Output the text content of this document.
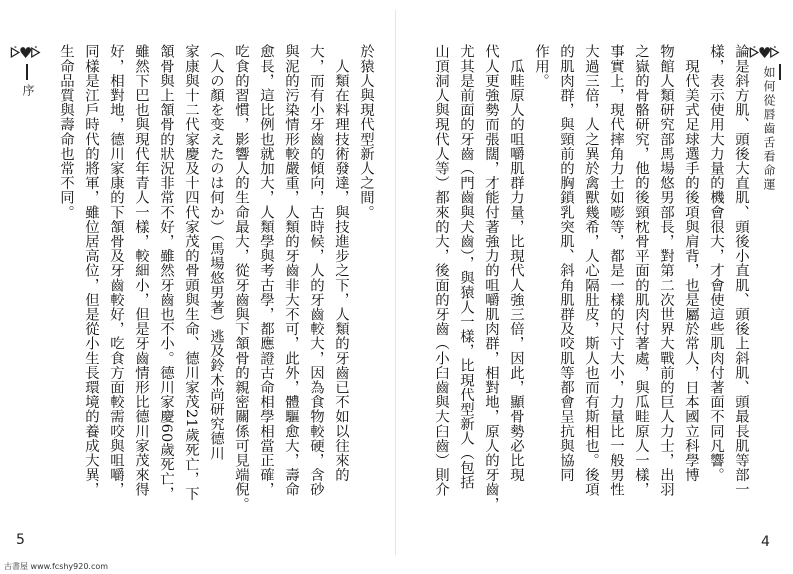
ᢰ♥ᢰ
序	於猿人與現代型新人之間。
　人類在料理技術發達，與技進步之下，人類的牙齒已不如以往來的
大，而有小牙齒的傾向，古時候，人的牙齒較大，因為食物較硬，含砂
與泥的污染情形較嚴重，人類的牙齒非大不可，此外，體驅愈大，壽命
愈長，這比例也就加大，人類學與考古學，都應證古命相學相當正確，
吃食的習慣，影響人的生命最大，從牙齒與下頷骨的親密關係可見端倪。
（人の顏を变えたのは何か）（馬場悠男著）逃及鈴木尚研究德川
家康與十二代家慶及十四代家茂的骨頭與生命、德川家茂21歲死亡，下
頷骨與上頷骨的狀況非常不好，雖然牙齒也不小。德川家慶60歲死亡，
雖然下巴也與現代年青人一樣，較細小，但是牙齒情形比德川家茂來得
好，相對地，德川家康的下頷骨及牙齒較好，吃食方面較需咬與咀嚼，
同樣是江戶時代的將軍，雖位居高位，但是從小生長環境的養成大異，
生命品質與壽命也常不同。
5
論是斜方肌、頭後大直肌、頭後小直肌、頭後上斜肌、頭最長肌等部一
樣，表示使用大力量的機會很大，才會使這些肌肉付著面不同凡響。
　現代美式足球選手的後項與肩背，也是屬於常人，日本國立科學博
物館人類研究部馬場悠男部長，對第二次世界大戰前的巨人力士，出羽
之嶽的骨骼研究，他的後頸枕骨平面的肌肉付著處，與瓜畦原人一樣，
事實上，現代摔角力士如嘭等，都是一樣的尺寸大小，力量比一般男性
大過三倍，人之異於禽獸幾希，人心隔肚皮，斯人也而有斯相也。後項
的肌肉群，與頸前的胸鎖乳突肌、斜角肌群及咬肌等都會呈抗與協同
作用。
　瓜畦原人的咀嚼肌群力量，比現代人強三倍，因此，顯骨勢必比現
代人更強勢而張闊，才能付著強力的咀嚼肌肉群，相對地，原人的牙齒，
尤其是前面的牙齒（門齒與犬齒），與猿人一樣，比現代型新人（包括
山頂洞人與現代人等）都來的大，後面的牙齒（小臼齒與大臼齒）則介	ᢰ♥ᢰ
如何從唇齒舌看命運
4
古書屋 www.fcshy920.com
